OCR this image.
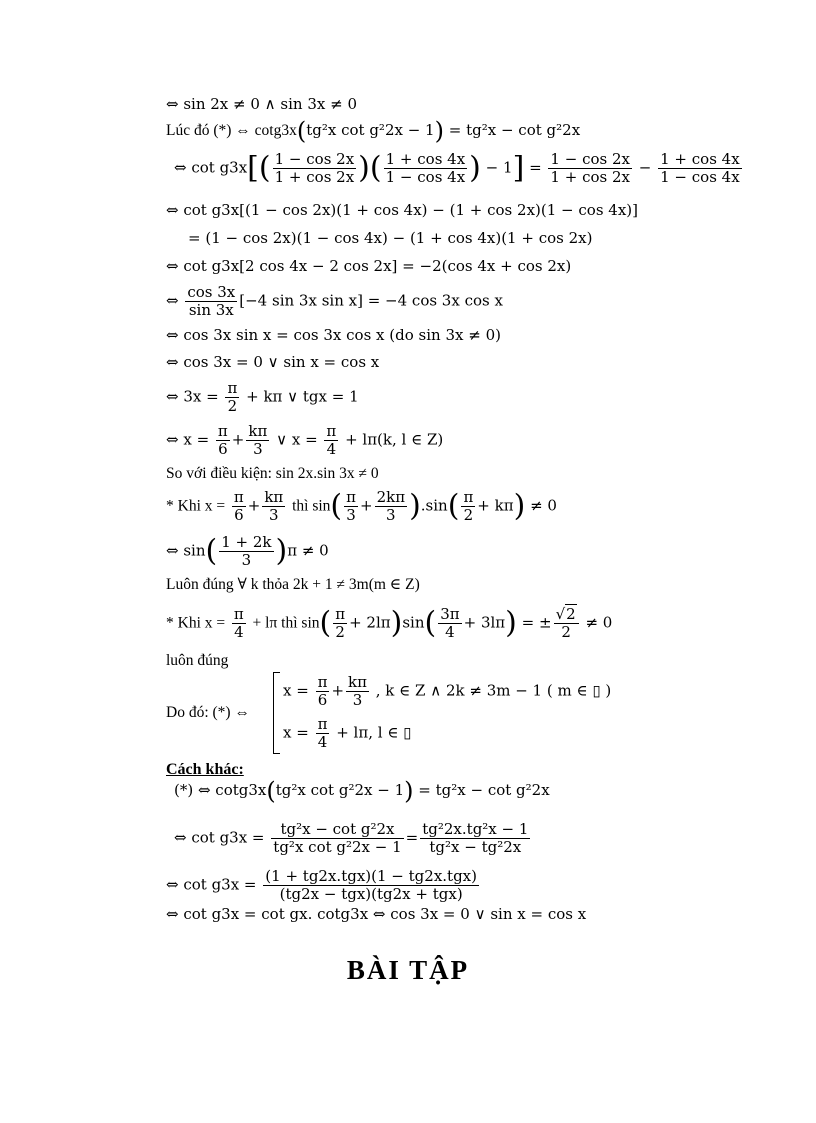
⇔ sin 2x ≠ 0 ∧ sin 3x ≠ 0
Lúc đó (*) ⇔ cotg3x(tg²x cot g²2x − 1) = tg²x − cot g²2x
⇔ $\cot g3x[( \frac{1 - \cos 2x}{1 + \cos 2x}$ )( $\frac{1 + \cos 4x}{1 - \cos 4x}$ ) − $1] = \frac{1 - \cos 2x}{1 + \cos 2x} - \frac{1 + \cos 4x}{1 - \cos 4x}$
⇔ cot g3x[(1 − cos 2x)(1 + cos 4x) − (1 + cos 2x)(1 − cos 4x)]
= (1 − cos 2x)(1 − cos 4x) − (1 + cos 4x)(1 + cos 2x)
⇔ cot g3x[2 cos 4x − 2 cos 2x] = −2(cos 4x + cos 2x)
⇔ $\frac{\cos 3x}{\sin 3x} [-4$ sin 3x sin x] = −4 cos 3x cos x
⇔ cos 3x sin x = cos 3x cos x (do sin 3x ≠ 0)
⇔ cos 3x = 0 ∨ sin x = cos x
⇔ $3x = \frac{\pi}{2} + k\pi$ ∨ tgx = 1
⇔ $x = \frac{\pi}{6} + \frac{k\pi}{3}$ ∨ $x = \frac{\pi}{4} + l\pi(k$, l ∈ Z)
So với điều kiện: sin 2x.sin 3x ≠ 0
* Khi $x = \frac{\pi}{6} + \frac{k\pi}{3}$ thì $\sin( \frac{\pi}{3} + \frac{2k\pi}{3} ).\sin( \frac{\pi}{2} + k\pi) \ne 0$
⇔ $\sin( \frac{1 + 2k}{3} )\pi \ne 0$
Luôn đúng ∀ k thỏa 2k + 1 ≠ 3m(m ∈ Z)
* Khi $x = \frac{\pi}{4} + l\pi$ thì $\sin( \frac{\pi}{2} + 2l\pi)\sin( \frac{3\pi}{4} + 3l\pi)$ = ± $\frac{√2}{2} \ne 0$
luôn đúng
Do đó: (*) ⇔
$x = \frac{\pi}{6} + \frac{k\pi}{3}$ , k ∈ Z ∧ 2k ≠ 3m − 1 ( m ∈ ▯ )
$x = \frac{\pi}{4} + l\pi$, l ∈ ▯
Cách khác:
(*) ⇔ cotg3x(tg²x cot g²2x − 1) = tg²x − cot g²2x
⇔ $\cot g3x = \frac{\text{tg²x − cot g²2x}}{\text{tg²x cot g²2x − 1}} = \frac{\text{tg²2x.tg²x − 1}}{\text{tg²x − tg²2x}}$
⇔ $\cot g3x = \frac{\text{(1 + tg2x.tgx)(1 − tg2x.tgx)}}{\text{(tg2x − tgx)(tg2x + tgx)}}$
⇔ cot g3x = cot gx. cotg3x ⇔ cos 3x = 0 ∨ sin x = cos x
BÀI TẬP
